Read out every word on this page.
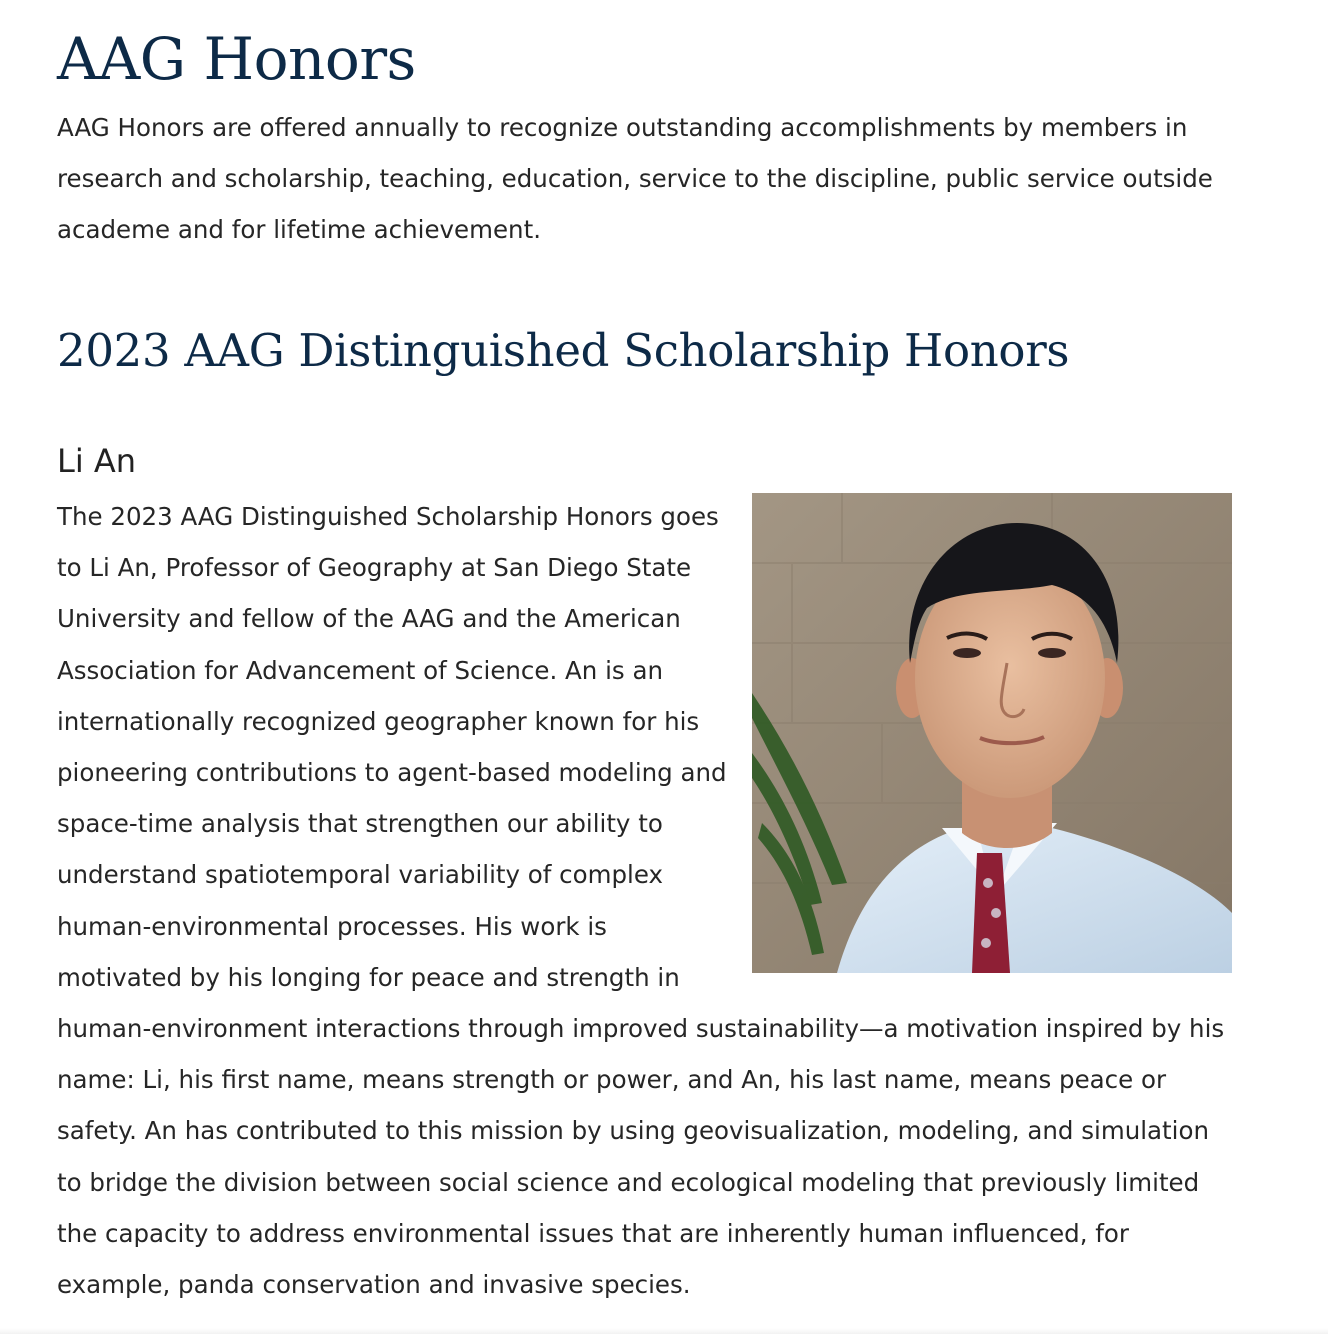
AAG Honors

AAG Honors are offered annually to recognize outstanding accomplishments by members in research and scholarship, teaching, education, service to the discipline, public service outside academe and for lifetime achievement.

2023 AAG Distinguished Scholarship Honors
Li An

The 2023 AAG Distinguished Scholarship Honors goes to Li An, Professor of Geography at San Diego State University and fellow of the AAG and the American Association for Advancement of Science. An is an internationally recognized geographer known for his pioneering contributions to agent-based modeling and space-time analysis that strengthen our ability to understand spatiotemporal variability of complex human-environmental processes. His work is motivated by his longing for peace and strength in human-environment interactions through improved sustainability—a motivation inspired by his name: Li, his first name, means strength or power, and An, his last name, means peace or safety. An has contributed to this mission by using geovisualization, modeling, and simulation to bridge the division between social science and ecological modeling that previously limited the capacity to address environmental issues that are inherently human influenced, for example, panda conservation and invasive species.
